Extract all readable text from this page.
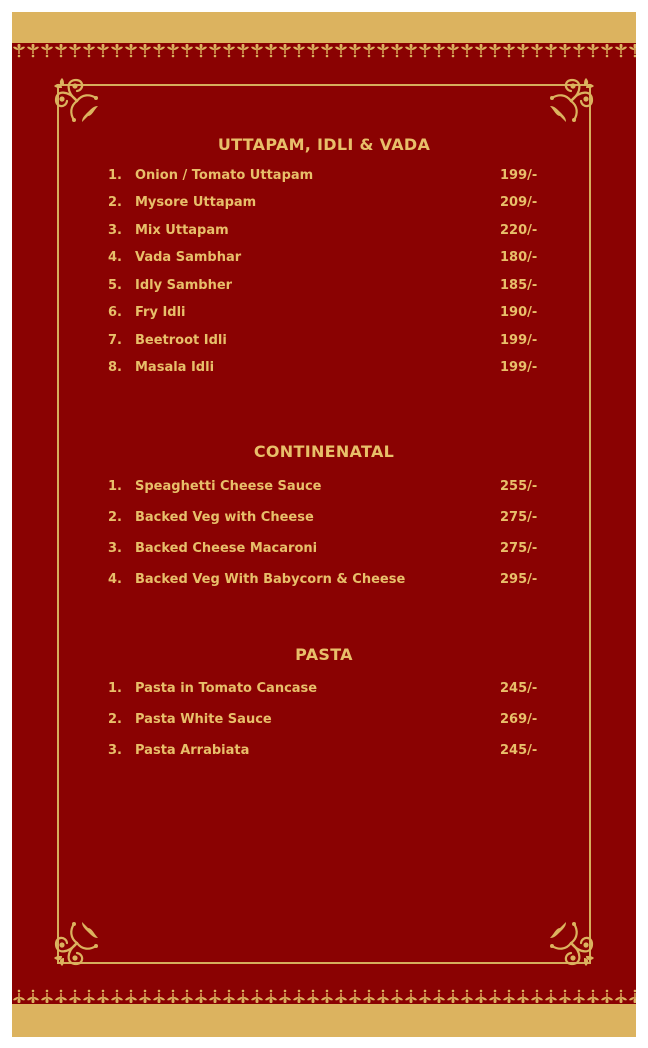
UTTAPAM, IDLI & VADA
1. Onion / Tomato Uttapam	199/-
2. Mysore Uttapam	209/-
3. Mix Uttapam	220/-
4. Vada Sambhar	180/-
5. Idly Sambher	185/-
6. Fry Idli	190/-
7. Beetroot Idli	199/-
8. Masala Idli	199/-
CONTINENATAL
1. Speaghetti Cheese Sauce	255/-
2. Backed Veg with Cheese	275/-
3. Backed Cheese Macaroni	275/-
4. Backed Veg With Babycorn & Cheese	295/-
PASTA
1. Pasta in Tomato Cancase	245/-
2. Pasta White Sauce	269/-
3. Pasta Arrabiata	245/-
